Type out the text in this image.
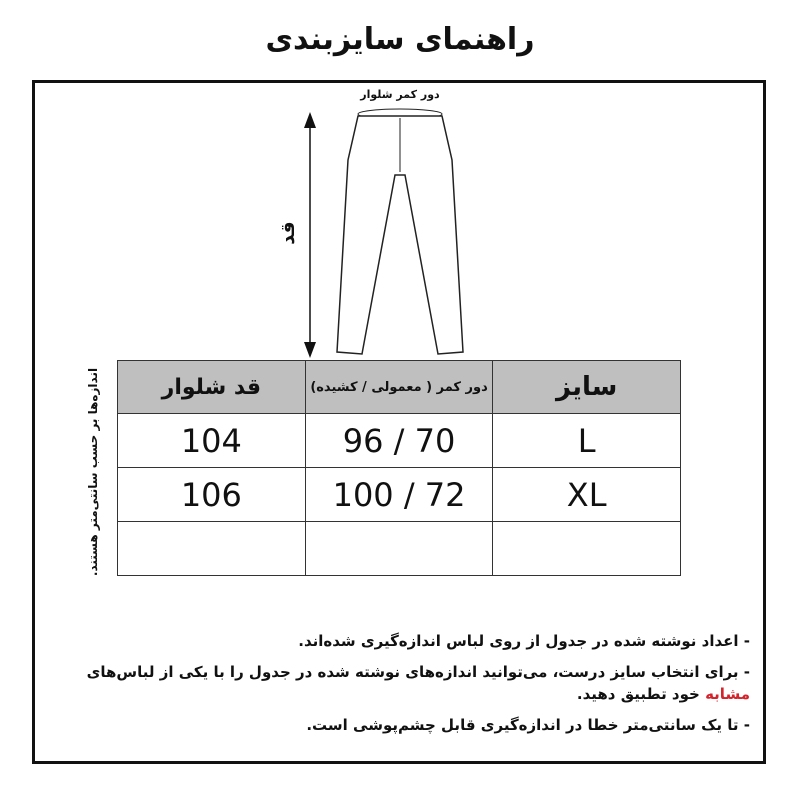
راهنمای سایزبندی
دور کمر شلوار
قد
اندازه‌ها بر حسب سانتی‌متر هستند.	سایز	دور کمر ( معمولی / کشیده)	قد شلوار
L	96 / 70	104
XL	100 / 72	106

- اعداد نوشته شده در جدول از روی لباس اندازه‌گیری شده‌اند.

- برای انتخاب سایز درست، می‌توانید اندازه‌های نوشته شده در جدول را با یکی از لباس‌های مشابه خود تطبیق دهید.

- تا یک سانتی‌متر خطا در اندازه‌گیری قابل چشم‌پوشی است.
